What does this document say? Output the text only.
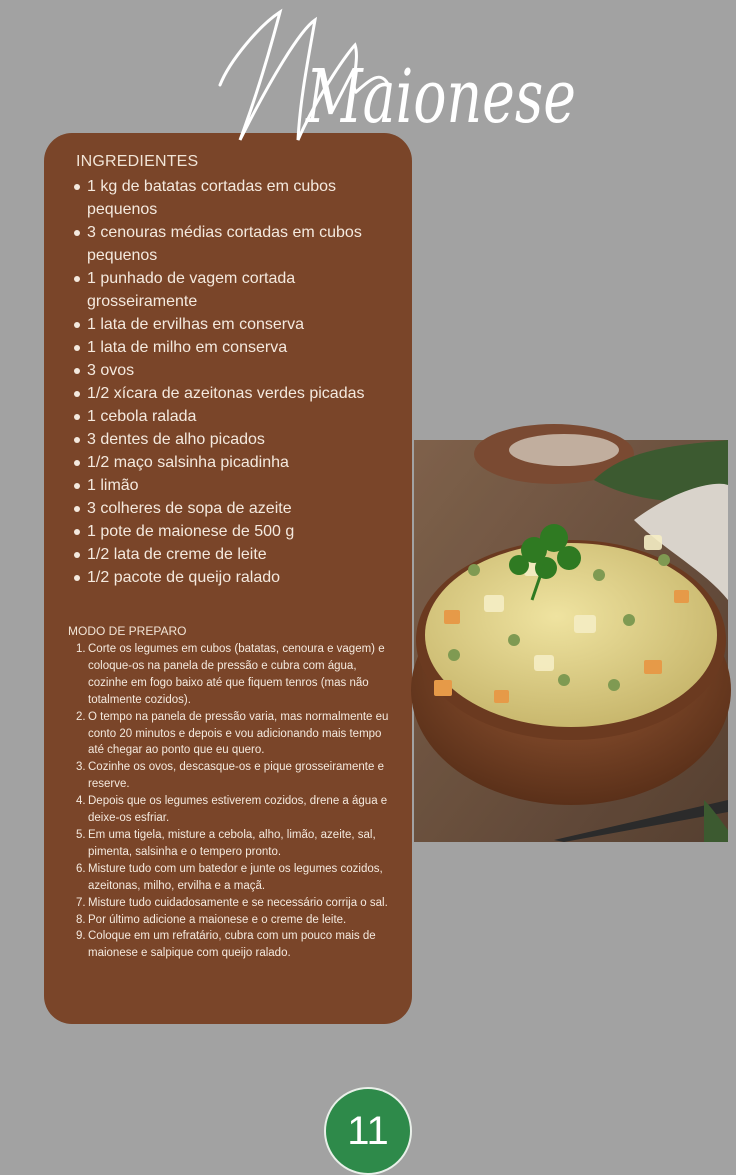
Maionese
INGREDIENTES
1 kg de batatas cortadas em cubos pequenos
3 cenouras médias cortadas em cubos pequenos
1 punhado de vagem cortada grosseiramente
1 lata de ervilhas em conserva
1 lata de milho em conserva
3 ovos
1/2 xícara de azeitonas verdes picadas
1 cebola ralada
3 dentes de alho picados
1/2 maço salsinha picadinha
1 limão
3 colheres de sopa de azeite
1 pote de maionese de 500 g
1/2 lata de creme de leite
1/2 pacote de queijo ralado
MODO DE PREPARO
1. Corte os legumes em cubos (batatas, cenoura e vagem) e coloque-os na panela de pressão e cubra com água, cozinhe em fogo baixo até que fiquem tenros (mas não totalmente cozidos).
2. O tempo na panela de pressão varia, mas normalmente eu conto 20 minutos e depois e vou adicionando mais tempo até chegar ao ponto que eu quero.
3. Cozinhe os ovos, descasque-os e pique grosseiramente e reserve.
4. Depois que os legumes estiverem cozidos, drene a água e deixe-os esfriar.
5. Em uma tigela, misture a cebola, alho, limão, azeite, sal, pimenta, salsinha e o tempero pronto.
6. Misture tudo com um batedor e junte os legumes cozidos, azeitonas, milho, ervilha e a maçã.
7. Misture tudo cuidadosamente e se necessário corrija o sal.
8. Por último adicione a maionese e o creme de leite.
9. Coloque em um refratário, cubra com um pouco mais de maionese e salpique com queijo ralado.
11
